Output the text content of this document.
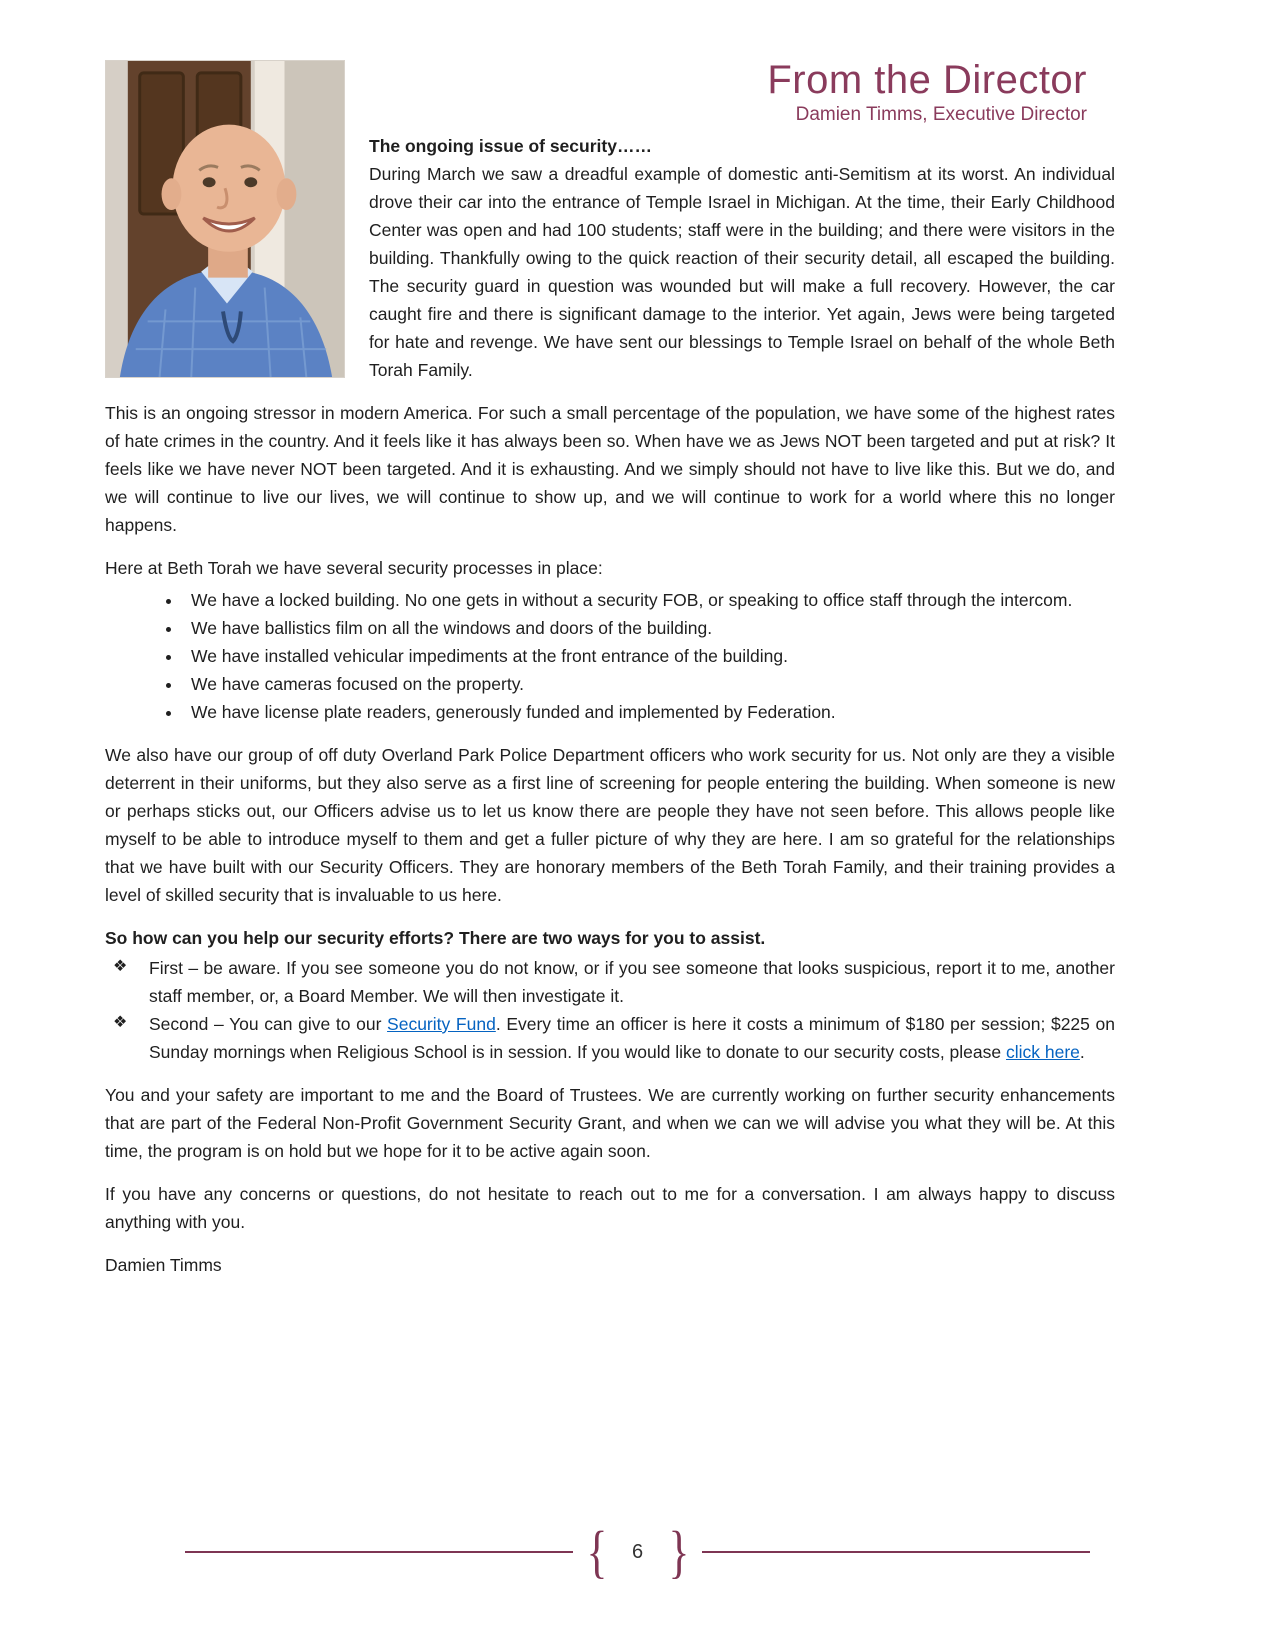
From the Director
Damien Timms, Executive Director

The ongoing issue of security……

During March we saw a dreadful example of domestic anti-Semitism at its worst. An individual drove their car into the entrance of Temple Israel in Michigan. At the time, their Early Childhood Center was open and had 100 students; staff were in the building; and there were visitors in the building. Thankfully owing to the quick reaction of their security detail, all escaped the building. The security guard in question was wounded but will make a full recovery. However, the car caught fire and there is significant damage to the interior. Yet again, Jews were being targeted for hate and revenge. We have sent our blessings to Temple Israel on behalf of the whole Beth Torah Family.

This is an ongoing stressor in modern America. For such a small percentage of the population, we have some of the highest rates of hate crimes in the country. And it feels like it has always been so. When have we as Jews NOT been targeted and put at risk? It feels like we have never NOT been targeted. And it is exhausting. And we simply should not have to live like this. But we do, and we will continue to live our lives, we will continue to show up, and we will continue to work for a world where this no longer happens.

Here at Beth Torah we have several security processes in place:

• We have a locked building. No one gets in without a security FOB, or speaking to office staff through the intercom.
• We have ballistics film on all the windows and doors of the building.
• We have installed vehicular impediments at the front entrance of the building.
• We have cameras focused on the property.
• We have license plate readers, generously funded and implemented by Federation.

We also have our group of off duty Overland Park Police Department officers who work security for us. Not only are they a visible deterrent in their uniforms, but they also serve as a first line of screening for people entering the building. When someone is new or perhaps sticks out, our Officers advise us to let us know there are people they have not seen before. This allows people like myself to be able to introduce myself to them and get a fuller picture of why they are here. I am so grateful for the relationships that we have built with our Security Officers. They are honorary members of the Beth Torah Family, and their training provides a level of skilled security that is invaluable to us here.

So how can you help our security efforts? There are two ways for you to assist.

❖ First – be aware. If you see someone you do not know, or if you see someone that looks suspicious, report it to me, another staff member, or, a Board Member. We will then investigate it.
❖ Second – You can give to our Security Fund. Every time an officer is here it costs a minimum of $180 per session; $225 on Sunday mornings when Religious School is in session. If you would like to donate to our security costs, please click here.

You and your safety are important to me and the Board of Trustees. We are currently working on further security enhancements that are part of the Federal Non-Profit Government Security Grant, and when we can we will advise you what they will be. At this time, the program is on hold but we hope for it to be active again soon.

If you have any concerns or questions, do not hesitate to reach out to me for a conversation. I am always happy to discuss anything with you.

Damien Timms

{ 6 }
